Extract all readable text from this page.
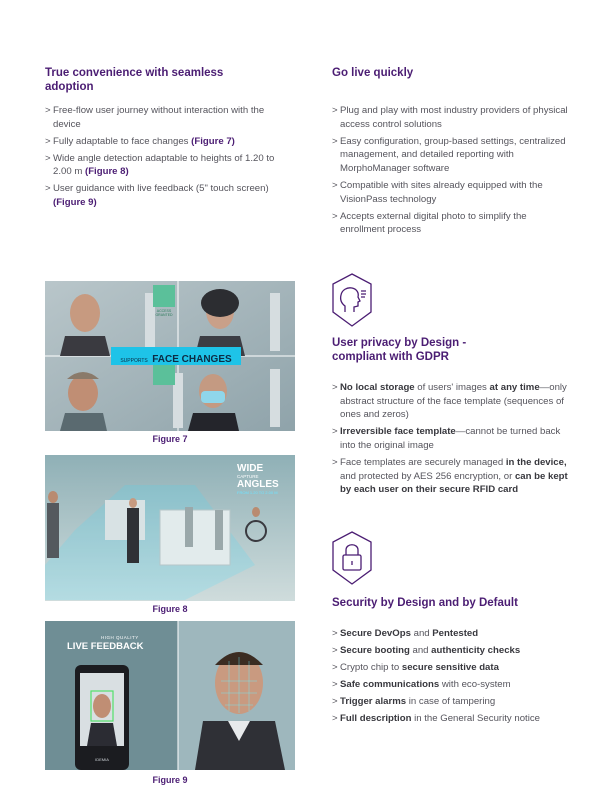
True convenience with seamless
adoption
> Free-flow user journey without interaction with the device
> Fully adaptable to face changes (Figure 7)
> Wide angle detection adaptable to heights of 1.20 to 2.00 m (Figure 8)
> User guidance with live feedback (5" touch screen) (Figure 9)
Go live quickly
> Plug and play with most industry providers of physical access control solutions
> Easy configuration, group-based settings, centralized management, and detailed reporting with MorphoManager software
> Compatible with sites already equipped with the VisionPass technology
> Accepts external digital photo to simplify the enrollment process
User privacy by Design -
compliant with GDPR
> No local storage of users' images at any time—only abstract structure of the face template (sequences of ones and zeros)
> Irreversible face template—cannot be turned back into the original image
> Face templates are securely managed in the device, and protected by AES 256 encryption, or can be kept by each user on their secure RFID card
Security by Design and by Default
> Secure DevOps and Pentested
> Secure booting and authenticity checks
> Crypto chip to secure sensitive data
> Safe communications with eco-system
> Trigger alarms in case of tampering
> Full description in the General Security notice
ACCESS GRANTED
SUPPORTS FACE CHANGES
Figure 7
WIDE
CAPTURE
ANGLES
FROM 1.20 TO 2.00 M
Figure 8
HIGH QUALITY
LIVE FEEDBACK
IDEMIA
Figure 9
